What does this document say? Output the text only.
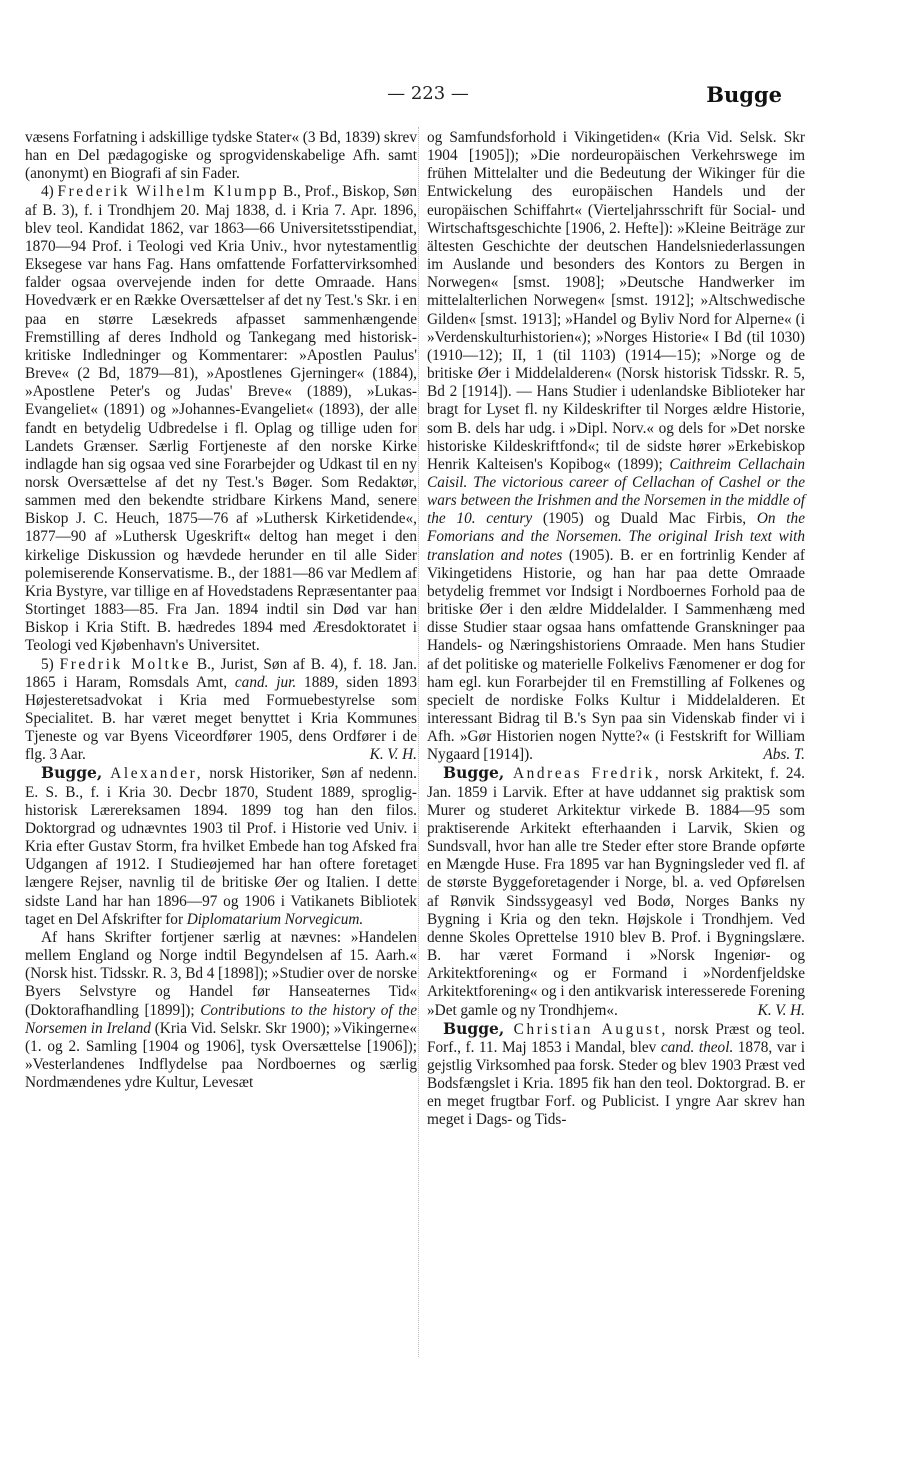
— 223 —	Bugge

væsens Forfatning i adskillige tydske Stater« (3 Bd, 1839) skrev han en Del pædagogiske og sprogvidenskabelige Afh. samt (anonymt) en Biografi af sin Fader.

4) Frederik Wilhelm Klumpp B., Prof., Biskop, Søn af B. 3), f. i Trondhjem 20. Maj 1838, d. i Kria 7. Apr. 1896, blev teol. Kandidat 1862, var 1863—66 Universitetsstipendiat, 1870—94 Prof. i Teologi ved Kria Univ., hvor nytestamentlig Eksegese var hans Fag. Hans omfattende Forfattervirksomhed falder ogsaa overvejende inden for dette Omraade. Hans Hovedværk er en Række Oversættelser af det ny Test.'s Skr. i en paa en større Læsekreds afpasset sammenhængende Fremstilling af deres Indhold og Tankegang med historisk-kritiske Indledninger og Kommentarer: »Apostlen Paulus' Breve« (2 Bd, 1879—81), »Apostlenes Gjerninger« (1884), »Apostlene Peter's og Judas' Breve« (1889), »Lukas-Evangeliet« (1891) og »Johannes-Evangeliet« (1893), der alle fandt en betydelig Udbredelse i fl. Oplag og tillige uden for Landets Grænser. Særlig Fortjeneste af den norske Kirke indlagde han sig ogsaa ved sine Forarbejder og Udkast til en ny norsk Oversættelse af det ny Test.'s Bøger. Som Redaktør, sammen med den bekendte stridbare Kirkens Mand, senere Biskop J. C. Heuch, 1875—76 af »Luthersk Kirketidende«, 1877—90 af »Luthersk Ugeskrift« deltog han meget i den kirkelige Diskussion og hævdede herunder en til alle Sider polemiserende Konservatisme. B., der 1881—86 var Medlem af Kria Bystyre, var tillige en af Hovedstadens Repræsentanter paa Stortinget 1883—85. Fra Jan. 1894 indtil sin Død var han Biskop i Kria Stift. B. hædredes 1894 med Æresdoktoratet i Teologi ved Kjøbenhavn's Universitet.

5) Fredrik Moltke B., Jurist, Søn af B. 4), f. 18. Jan. 1865 i Haram, Romsdals Amt, cand. jur. 1889, siden 1893 Højesteretsadvokat i Kria med Formuebestyrelse som Specialitet. B. har været meget benyttet i Kria Kommunes Tjeneste og var Byens Viceordfører 1905, dens Ordfører i de flg. 3 Aar.	K. V. H.

Bugge, Alexander, norsk Historiker, Søn af nedenn. E. S. B., f. i Kria 30. Decbr 1870, Student 1889, sproglig-historisk Lærereksamen 1894. 1899 tog han den filos. Doktorgrad og udnævntes 1903 til Prof. i Historie ved Univ. i Kria efter Gustav Storm, fra hvilket Embede han tog Afsked fra Udgangen af 1912. I Studieøjemed har han oftere foretaget længere Rejser, navnlig til de britiske Øer og Italien. I dette sidste Land har han 1896—97 og 1906 i Vatikanets Bibliotek taget en Del Afskrifter for Diplomatarium Norvegicum.

Af hans Skrifter fortjener særlig at nævnes: »Handelen mellem England og Norge indtil Begyndelsen af 15. Aarh.« (Norsk hist. Tidsskr. R. 3, Bd 4 [1898]); »Studier over de norske Byers Selvstyre og Handel før Hanseaternes Tid« (Doktorafhandling [1899]); Contributions to the history of the Norsemen in Ireland (Kria Vid. Selskr. Skr 1900); »Vikingerne« (1. og 2. Samling [1904 og 1906], tysk Oversættelse [1906]); »Vesterlandenes Indflydelse paa Nordboernes og særlig Nordmændenes ydre Kultur, Levesæt

og Samfundsforhold i Vikingetiden« (Kria Vid. Selsk. Skr 1904 [1905]); »Die nordeuropäischen Verkehrswege im frühen Mittelalter und die Bedeutung der Wikinger für die Entwickelung des europäischen Handels und der europäischen Schiffahrt« (Vierteljahrsschrift für Social- und Wirtschaftsgeschichte [1906, 2. Hefte]): »Kleine Beiträge zur ältesten Geschichte der deutschen Handelsniederlassungen im Auslande und besonders des Kontors zu Bergen in Norwegen« [smst. 1908]; »Deutsche Handwerker im mittelalterlichen Norwegen« [smst. 1912]; »Altschwedische Gilden« [smst. 1913]; »Handel og Byliv Nord for Alperne« (i »Verdenskulturhistorien«); »Norges Historie« I Bd (til 1030) (1910—12); II, 1 (til 1103) (1914—15); »Norge og de britiske Øer i Middelalderen« (Norsk historisk Tidsskr. R. 5, Bd 2 [1914]). — Hans Studier i udenlandske Biblioteker har bragt for Lyset fl. ny Kildeskrifter til Norges ældre Historie, som B. dels har udg. i »Dipl. Norv.« og dels for »Det norske historiske Kildeskriftfond«; til de sidste hører »Erkebiskop Henrik Kalteisen's Kopibog« (1899); Caithreim Cellachain Caisil. The victorious career of Cellachan of Cashel or the wars between the Irishmen and the Norsemen in the middle of the 10. century (1905) og Duald Mac Firbis, On the Fomorians and the Norsemen. The original Irish text with translation and notes (1905). B. er en fortrinlig Kender af Vikingetidens Historie, og han har paa dette Omraade betydelig fremmet vor Indsigt i Nordboernes Forhold paa de britiske Øer i den ældre Middelalder. I Sammenhæng med disse Studier staar ogsaa hans omfattende Granskninger paa Handels- og Næringshistoriens Omraade. Men hans Studier af det politiske og materielle Folkelivs Fænomener er dog for ham egl. kun Forarbejder til en Fremstilling af Folkenes og specielt de nordiske Folks Kultur i Middelalderen. Et interessant Bidrag til B.'s Syn paa sin Videnskab finder vi i Afh. »Gør Historien nogen Nytte?« (i Festskrift for William Nygaard [1914]).	Abs. T.

Bugge, Andreas Fredrik, norsk Arkitekt, f. 24. Jan. 1859 i Larvik. Efter at have uddannet sig praktisk som Murer og studeret Arkitektur virkede B. 1884—95 som praktiserende Arkitekt efterhaanden i Larvik, Skien og Sundsvall, hvor han alle tre Steder efter store Brande opførte en Mængde Huse. Fra 1895 var han Bygningsleder ved fl. af de største Byggeforetagender i Norge, bl. a. ved Opførelsen af Rønvik Sindssygeasyl ved Bodø, Norges Banks ny Bygning i Kria og den tekn. Højskole i Trondhjem. Ved denne Skoles Oprettelse 1910 blev B. Prof. i Bygningslære. B. har været Formand i »Norsk Ingeniør- og Arkitektforening« og er Formand i »Nordenfjeldske Arkitektforening« og i den antikvarisk interesserede Forening »Det gamle og ny Trondhjem«.	K. V. H.

Bugge, Christian August, norsk Præst og teol. Forf., f. 11. Maj 1853 i Mandal, blev cand. theol. 1878, var i gejstlig Virksomhed paa forsk. Steder og blev 1903 Præst ved Bodsfængslet i Kria. 1895 fik han den teol. Doktorgrad. B. er en meget frugtbar Forf. og Publicist. I yngre Aar skrev han meget i Dags- og Tids-
